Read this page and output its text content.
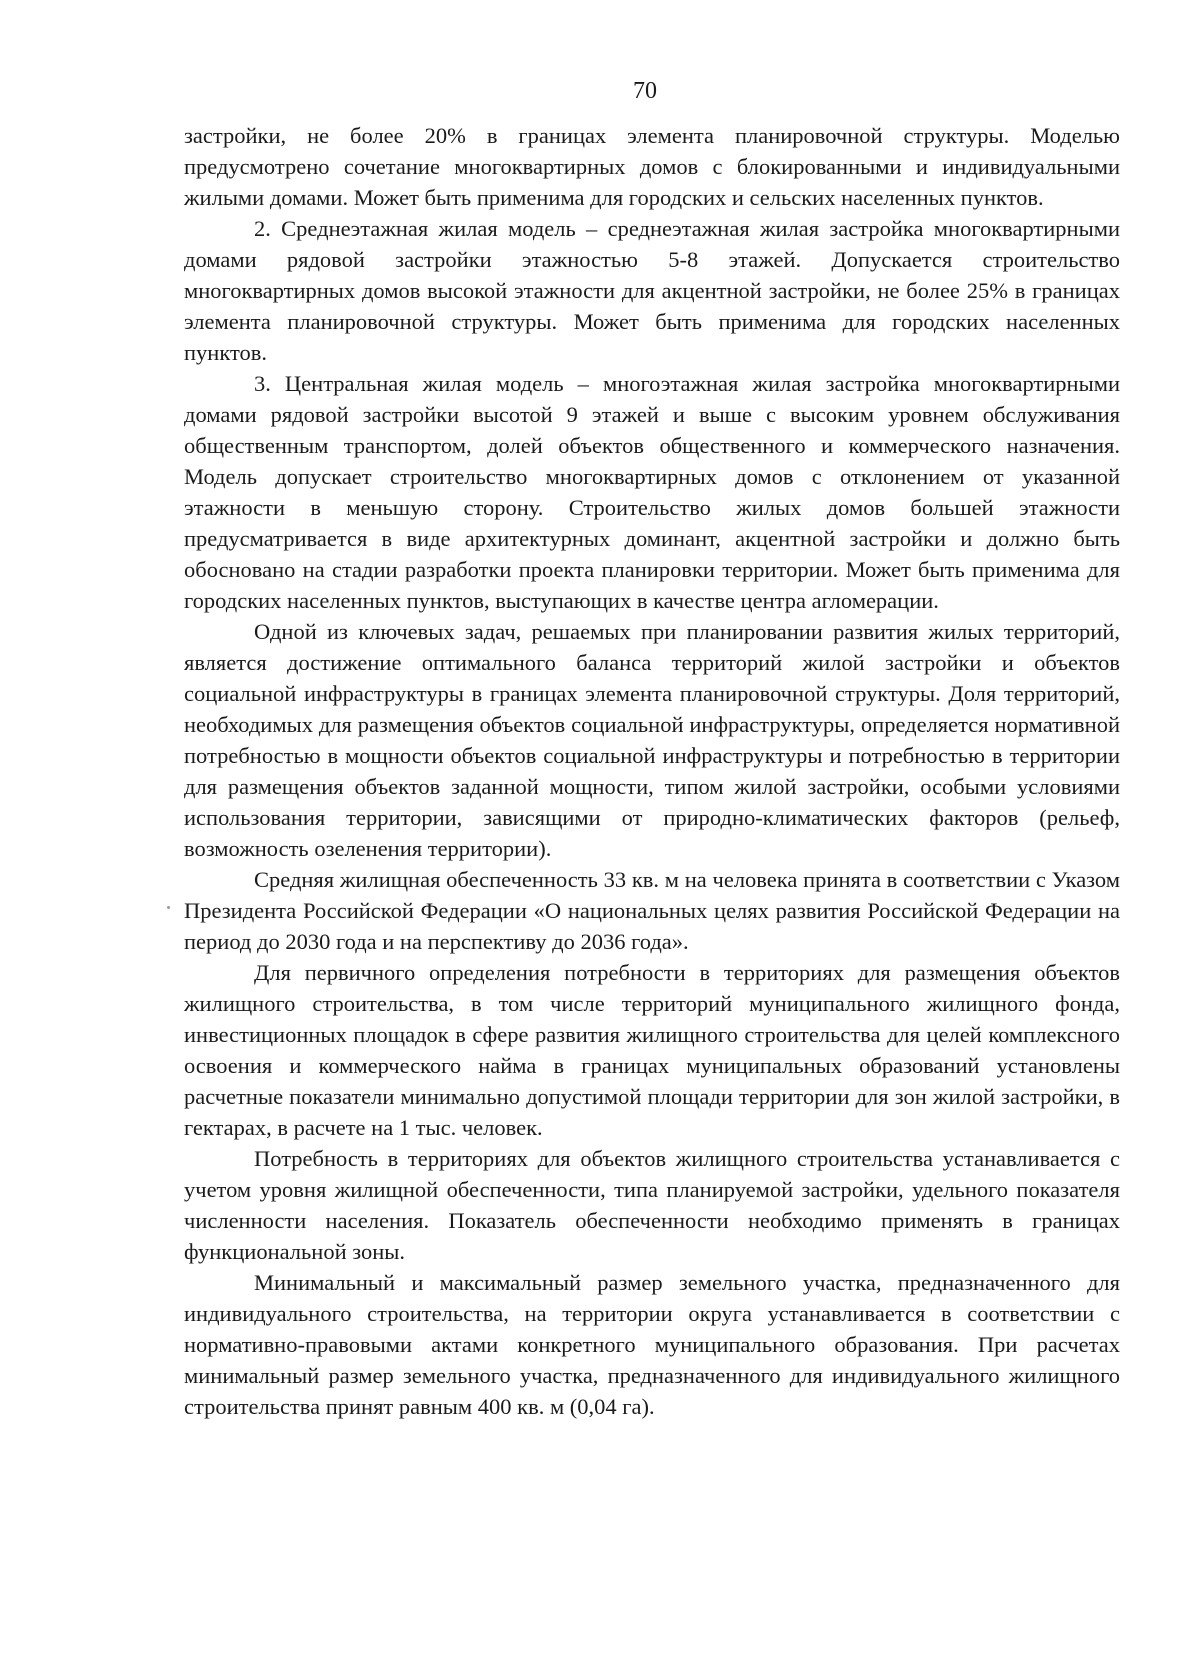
70

застройки, не более 20% в границах элемента планировочной структуры. Моделью предусмотрено сочетание многоквартирных домов с блокированными и индивидуальными жилыми домами. Может быть применима для городских и сельских населенных пунктов.

2. Среднеэтажная жилая модель – среднеэтажная жилая застройка многоквартирными домами рядовой застройки этажностью 5-8 этажей. Допускается строительство многоквартирных домов высокой этажности для акцентной застройки, не более 25% в границах элемента планировочной структуры. Может быть применима для городских населенных пунктов.

3. Центральная жилая модель – многоэтажная жилая застройка многоквартирными домами рядовой застройки высотой 9 этажей и выше с высоким уровнем обслуживания общественным транспортом, долей объектов общественного и коммерческого назначения. Модель допускает строительство многоквартирных домов с отклонением от указанной этажности в меньшую сторону. Строительство жилых домов большей этажности предусматривается в виде архитектурных доминант, акцентной застройки и должно быть обосновано на стадии разработки проекта планировки территории. Может быть применима для городских населенных пунктов, выступающих в качестве центра агломерации.

Одной из ключевых задач, решаемых при планировании развития жилых территорий, является достижение оптимального баланса территорий жилой застройки и объектов социальной инфраструктуры в границах элемента планировочной структуры. Доля территорий, необходимых для размещения объектов социальной инфраструктуры, определяется нормативной потребностью в мощности объектов социальной инфраструктуры и потребностью в территории для размещения объектов заданной мощности, типом жилой застройки, особыми условиями использования территории, зависящими от природно-климатических факторов (рельеф, возможность озеленения территории).

Средняя жилищная обеспеченность 33 кв. м на человека принята в соответствии с Указом Президента Российской Федерации «О национальных целях развития Российской Федерации на период до 2030 года и на перспективу до 2036 года».

Для первичного определения потребности в территориях для размещения объектов жилищного строительства, в том числе территорий муниципального жилищного фонда, инвестиционных площадок в сфере развития жилищного строительства для целей комплексного освоения и коммерческого найма в границах муниципальных образований установлены расчетные показатели минимально допустимой площади территории для зон жилой застройки, в гектарах, в расчете на 1 тыс. человек.

Потребность в территориях для объектов жилищного строительства устанавливается с учетом уровня жилищной обеспеченности, типа планируемой застройки, удельного показателя численности населения. Показатель обеспеченности необходимо применять в границах функциональной зоны.

Минимальный и максимальный размер земельного участка, предназначенного для индивидуального строительства, на территории округа устанавливается в соответствии с нормативно-правовыми актами конкретного муниципального образования. При расчетах минимальный размер земельного участка, предназначенного для индивидуального жилищного строительства принят равным 400 кв. м (0,04 га).
